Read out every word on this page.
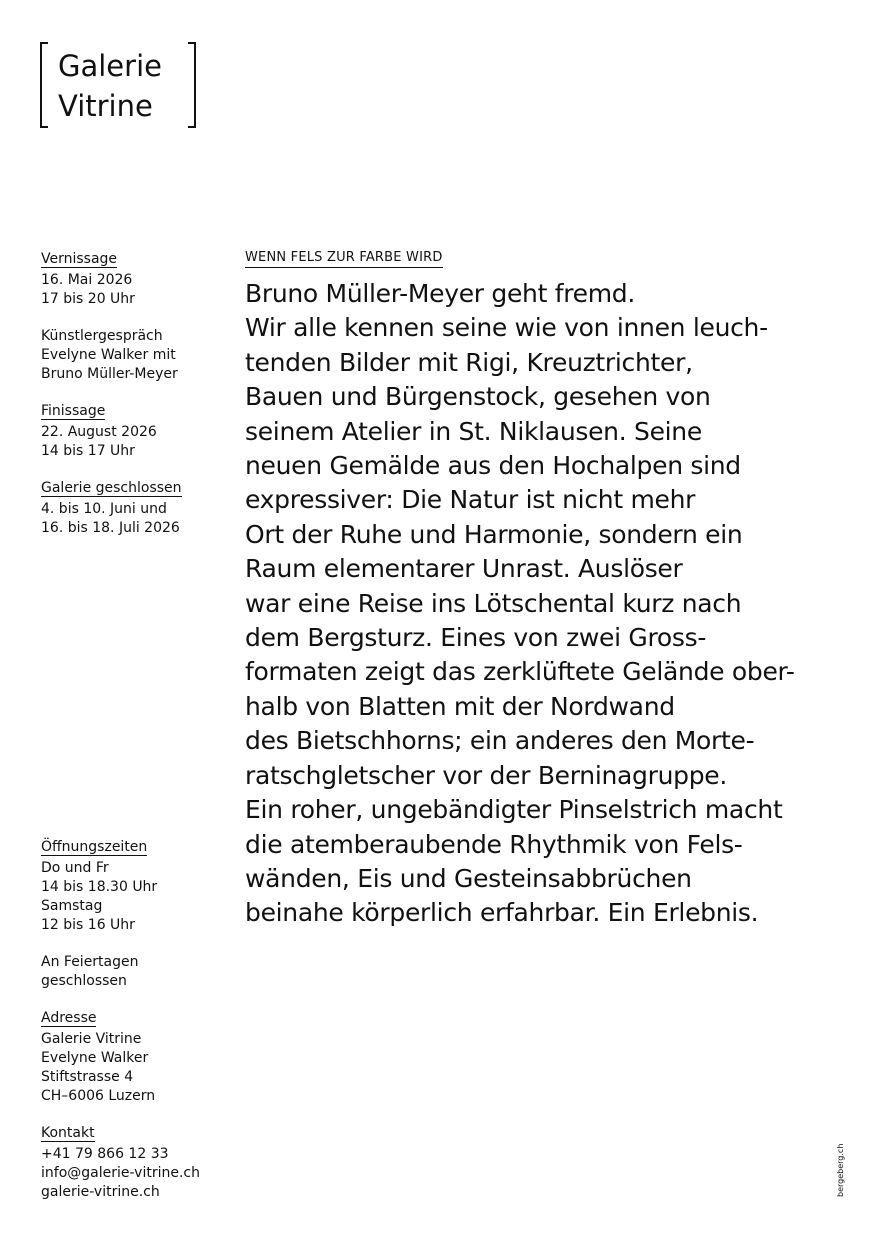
Galerie
Vitrine
Vernissage
16. Mai 2026
17 bis 20 Uhr
Künstlergespräch
Evelyne Walker mit
Bruno Müller-Meyer
Finissage
22. August 2026
14 bis 17 Uhr
Galerie geschlossen
4. bis 10. Juni und
16. bis 18. Juli 2026
Öffnungszeiten
Do und Fr
14 bis 18.30 Uhr
Samstag
12 bis 16 Uhr
An Feiertagen
geschlossen
Adresse
Galerie Vitrine
Evelyne Walker
Stiftstrasse 4
CH–6006 Luzern
Kontakt
+41 79 866 12 33
info@galerie-vitrine.ch
galerie-vitrine.ch
WENN FELS ZUR FARBE WIRD
Bruno Müller-Meyer geht fremd.
Wir alle kennen seine wie von innen leuch-
tenden Bilder mit Rigi, Kreuztrichter,
Bauen und Bürgenstock, gesehen von
seinem Atelier in St. Niklausen. Seine
neuen Gemälde aus den Hochalpen sind
expressiver: Die Natur ist nicht mehr
Ort der Ruhe und Harmonie, sondern ein
Raum elementarer Unrast. Auslöser
war eine Reise ins Lötschental kurz nach
dem Bergsturz. Eines von zwei Gross-
formaten zeigt das zerklüftete Gelände ober-
halb von Blatten mit der Nordwand
des Bietschhorns; ein anderes den Morte-
ratschgletscher vor der Berninagruppe.
Ein roher, ungebändigter Pinselstrich macht
die atemberaubende Rhythmik von Fels-
wänden, Eis und Gesteinsabbrüchen
beinahe körperlich erfahrbar. Ein Erlebnis.
bergeberg.ch
